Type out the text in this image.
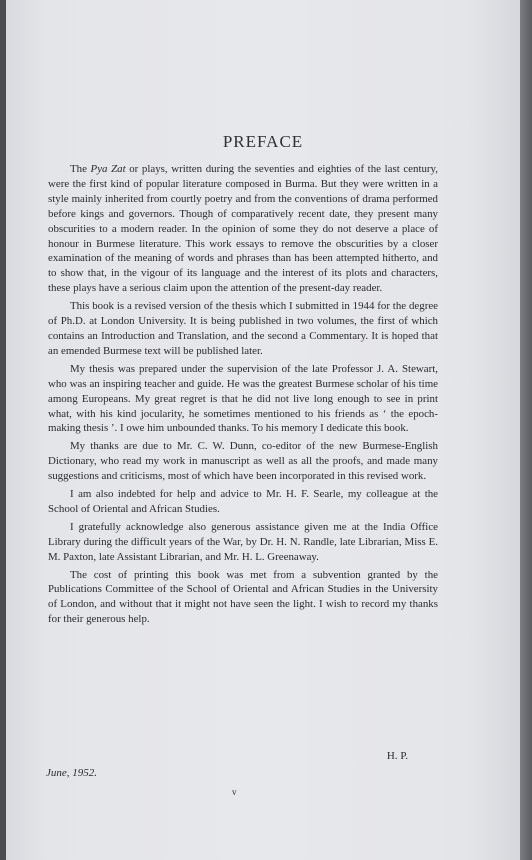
PREFACE

The Pya Zat or plays, written during the seventies and eighties of the last century, were the first kind of popular literature composed in Burma. But they were written in a style mainly inherited from courtly poetry and from the conventions of drama performed before kings and governors. Though of comparatively recent date, they present many obscurities to a modern reader. In the opinion of some they do not deserve a place of honour in Burmese literature. This work essays to remove the obscurities by a closer examination of the meaning of words and phrases than has been attempted hitherto, and to show that, in the vigour of its language and the interest of its plots and characters, these plays have a serious claim upon the attention of the present-day reader.

This book is a revised version of the thesis which I submitted in 1944 for the degree of Ph.D. at London University. It is being published in two volumes, the first of which contains an Introduction and Translation, and the second a Commentary. It is hoped that an emended Burmese text will be published later.

My thesis was prepared under the supervision of the late Professor J. A. Stewart, who was an inspiring teacher and guide. He was the greatest Burmese scholar of his time among Europeans. My great regret is that he did not live long enough to see in print what, with his kind jocularity, he sometimes mentioned to his friends as ‘ the epoch-making thesis ’. I owe him unbounded thanks. To his memory I dedicate this book.

My thanks are due to Mr. C. W. Dunn, co-editor of the new Burmese-English Dictionary, who read my work in manuscript as well as all the proofs, and made many suggestions and criticisms, most of which have been incorporated in this revised work.

I am also indebted for help and advice to Mr. H. F. Searle, my colleague at the School of Oriental and African Studies.

I gratefully acknowledge also generous assistance given me at the India Office Library during the difficult years of the War, by Dr. H. N. Randle, late Librarian, Miss E. M. Paxton, late Assistant Librarian, and Mr. H. L. Greenaway.

The cost of printing this book was met from a subvention granted by the Publications Committee of the School of Oriental and African Studies in the University of London, and without that it might not have seen the light. I wish to record my thanks for their generous help.

H. P.
June, 1952.
v
